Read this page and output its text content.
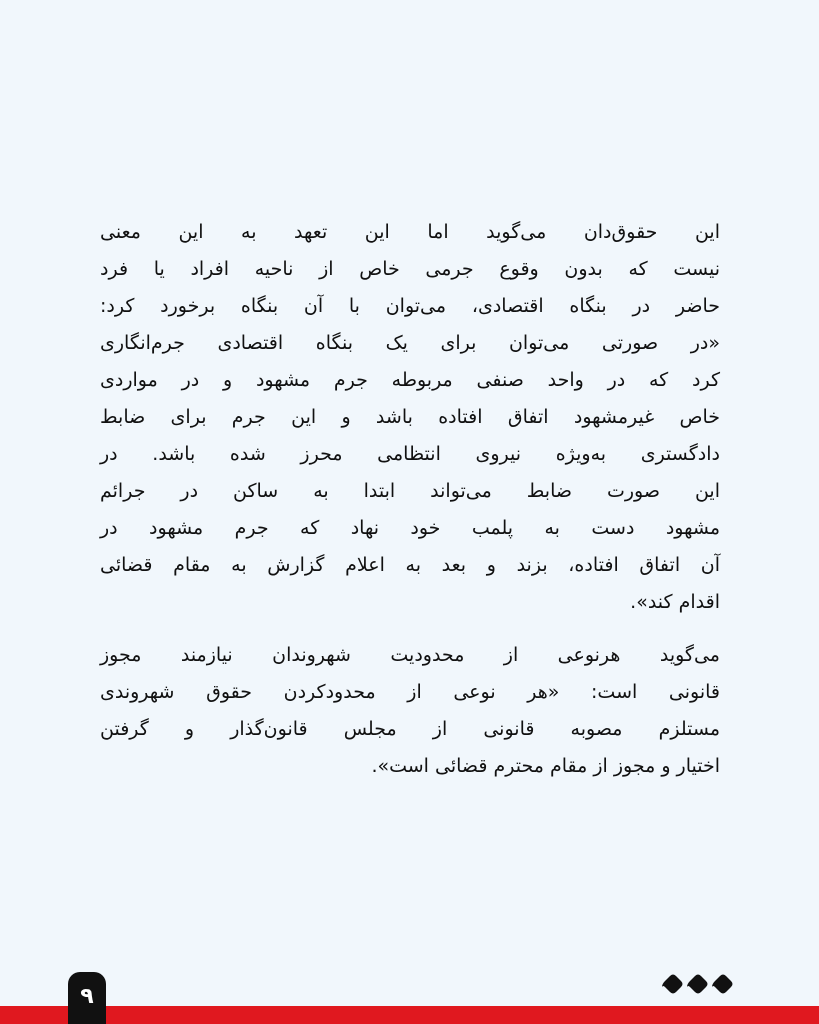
این حقوق‌دان می‌گوید اما این تعهد به این معنی
نیست که بدون وقوع جرمی خاص از ناحیه افراد یا فرد
حاضر در بنگاه اقتصادی، می‌توان با آن بنگاه برخورد کرد:
«در صورتی می‌توان برای یک بنگاه اقتصادی جرم‌انگاری
کرد که در واحد صنفی مربوطه جرم مشهود و در مواردی
خاص غیرمشهود اتفاق افتاده باشد و این جرم برای ضابط
دادگستری به‌ویژه نیروی انتظامی محرز شده باشد. در
این صورت ضابط می‌تواند ابتدا به ساکن در جرائم
مشهود دست به پلمب خود نهاد که جرم مشهود در
آن اتفاق افتاده، بزند و بعد به اعلام گزارش به مقام قضائی
اقدام کند».
می‌گوید هرنوعی از محدودیت شهروندان نیازمند مجوز
قانونی است: «هر نوعی از محدودکردن حقوق شهروندی
مستلزم مصوبه قانونی از مجلس قانون‌گذار و گرفتن
اختیار و مجوز از مقام محترم قضائی است».
۹
